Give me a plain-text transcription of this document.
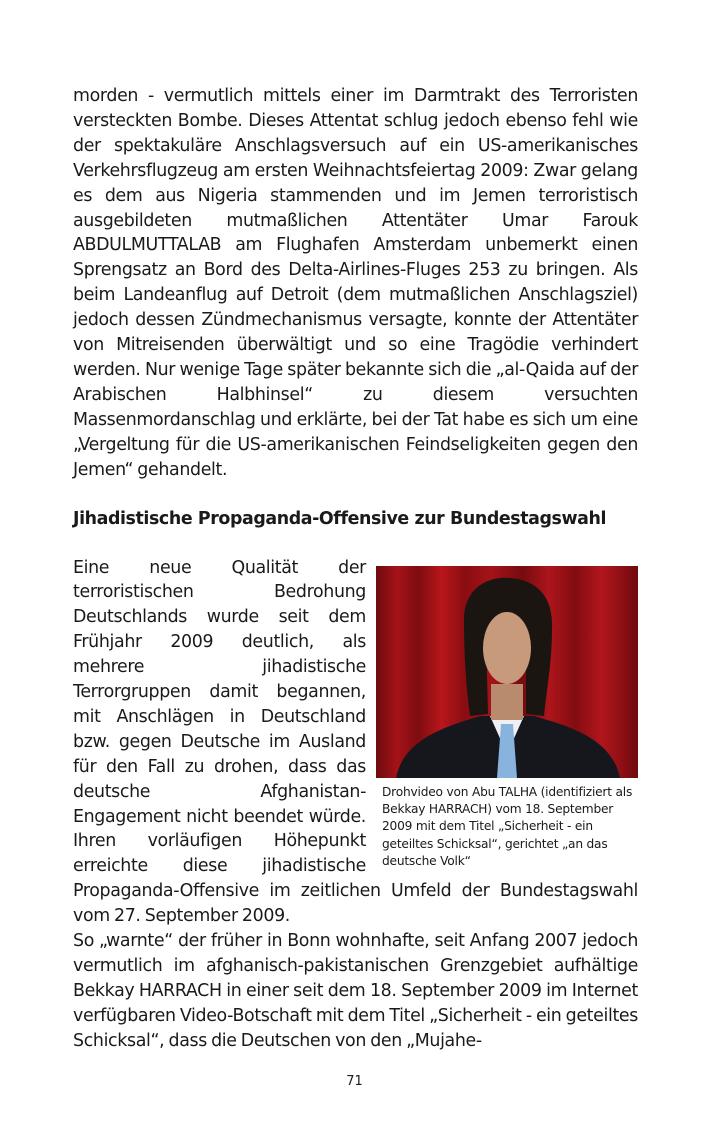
morden - vermutlich mittels einer im Darmtrakt des Terroristen versteckten Bombe. Dieses Attentat schlug jedoch ebenso fehl wie der spektakuläre Anschlagsversuch auf ein US-amerikanisches Verkehrsflugzeug am ersten Weihnachtsfeiertag 2009: Zwar gelang es dem aus Nigeria stammenden und im Jemen terroristisch ausgebildeten mutmaßlichen Attentäter Umar Farouk ABDULMUTTALAB am Flughafen Amsterdam unbemerkt einen Sprengsatz an Bord des Delta-Airlines-Fluges 253 zu bringen. Als beim Landeanflug auf Detroit (dem mutmaßlichen Anschlagsziel) jedoch dessen Zündmechanismus versagte, konnte der Attentäter von Mitreisenden überwältigt und so eine Tragödie verhindert werden. Nur wenige Tage später bekannte sich die „al-Qaida auf der Arabischen Halbhinsel“ zu diesem versuchten Massenmordanschlag und erklärte, bei der Tat habe es sich um eine „Vergeltung für die US-amerikanischen Feindseligkeiten gegen den Jemen“ gehandelt.

Jihadistische Propaganda-Offensive zur Bundestagswahl
Drohvideo von Abu TALHA (identifiziert als Bekkay HARRACH) vom 18. September 2009 mit dem Titel „Sicherheit - ein geteiltes Schicksal“, gerichtet „an das deutsche Volk“

Eine neue Qualität der terroristischen Bedrohung Deutschlands wurde seit dem Frühjahr 2009 deutlich, als mehrere jihadistische Terrorgruppen damit begannen, mit Anschlägen in Deutschland bzw. gegen Deutsche im Ausland für den Fall zu drohen, dass das deutsche Afghanistan-Engagement nicht beendet würde. Ihren vorläufigen Höhepunkt erreichte diese jihadistische Propaganda-Offensive im zeitlichen Umfeld der Bundestagswahl vom 27. September 2009.

So „warnte“ der früher in Bonn wohnhafte, seit Anfang 2007 jedoch vermutlich im afghanisch-pakistanischen Grenzgebiet aufhältige Bekkay HARRACH in einer seit dem 18. September 2009 im Internet verfügbaren Video-Botschaft mit dem Titel „Sicherheit - ein geteiltes Schicksal“, dass die Deutschen von den „Mujahe-

71
